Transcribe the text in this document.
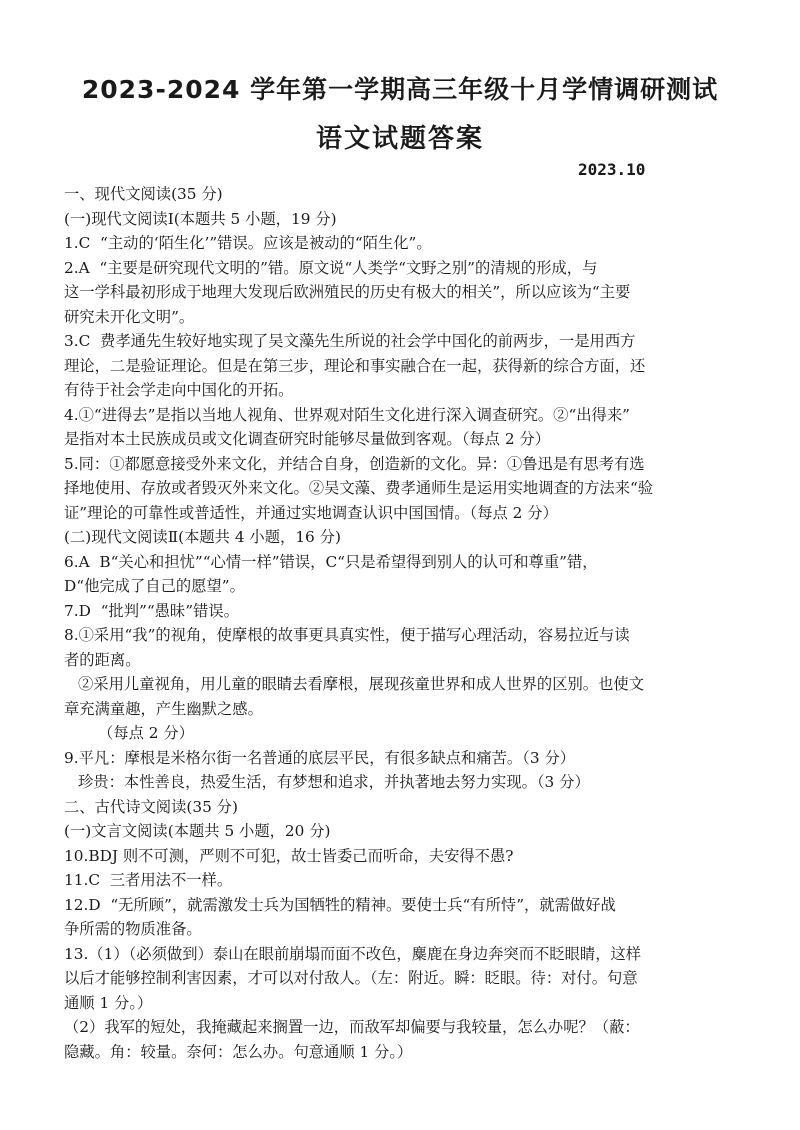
2023-2024 学年第一学期高三年级十月学情调研测试
语文试题答案
2023.10

一、现代文阅读(35 分)

(一)现代文阅读Ⅰ(本题共 5 小题，19 分)

1.C  “主动的‘陌生化’”错误。应该是被动的“陌生化”。

2.A  “主要是研究现代文明的”错。原文说“人类学“文野之别”的清规的形成，与

这一学科最初形成于地理大发现后欧洲殖民的历史有极大的相关”，所以应该为“主要

研究未开化文明”。

3.C  费孝通先生较好地实现了吴文藻先生所说的社会学中国化的前两步，一是用西方

理论，二是验证理论。但是在第三步，理论和事实融合在一起，获得新的综合方面，还

有待于社会学走向中国化的开拓。

4.①“进得去”是指以当地人视角、世界观对陌生文化进行深入调查研究。②“出得来”

是指对本土民族成员或文化调查研究时能够尽量做到客观。（每点 2 分）

5.同：①都愿意接受外来文化，并结合自身，创造新的文化。异：①鲁迅是有思考有选

择地使用、存放或者毁灭外来文化。②吴文藻、费孝通师生是运用实地调查的方法来“验

证”理论的可靠性或普适性，并通过实地调查认识中国国情。（每点 2 分）

(二)现代文阅读Ⅱ(本题共 4 小题，16 分)

6.A  B“关心和担忧”“心情一样”错误，C“只是希望得到别人的认可和尊重”错，

D“他完成了自己的愿望”。

7.D  “批判”“愚昧”错误。

8.①采用“我”的视角，使摩根的故事更具真实性，便于描写心理活动，容易拉近与读

者的距离。

②采用儿童视角，用儿童的眼睛去看摩根，展现孩童世界和成人世界的区别。也使文

章充满童趣，产生幽默之感。

（每点 2 分）

9.平凡：摩根是米格尔街一名普通的底层平民，有很多缺点和痛苦。（3 分）

珍贵：本性善良，热爱生活，有梦想和追求，并执著地去努力实现。（3 分）

二、古代诗文阅读(35 分)

(一)文言文阅读(本题共 5 小题，20 分)

10.BDJ 则不可测，严则不可犯，故士皆委己而听命，夫安得不愚?

11.C  三者用法不一样。

12.D  “无所顾”，就需激发士兵为国牺牲的精神。要使士兵“有所恃”，就需做好战

争所需的物质准备。

13.（1）（必须做到）泰山在眼前崩塌而面不改色，麋鹿在身边奔突而不眨眼睛，这样

以后才能够控制利害因素，才可以对付敌人。（左：附近。瞬：眨眼。待：对付。句意

通顺 1 分。）

（2）我军的短处，我掩藏起来搁置一边，而敌军却偏要与我较量，怎么办呢？（蔽：

隐藏。角：较量。奈何：怎么办。句意通顺 1 分。）
